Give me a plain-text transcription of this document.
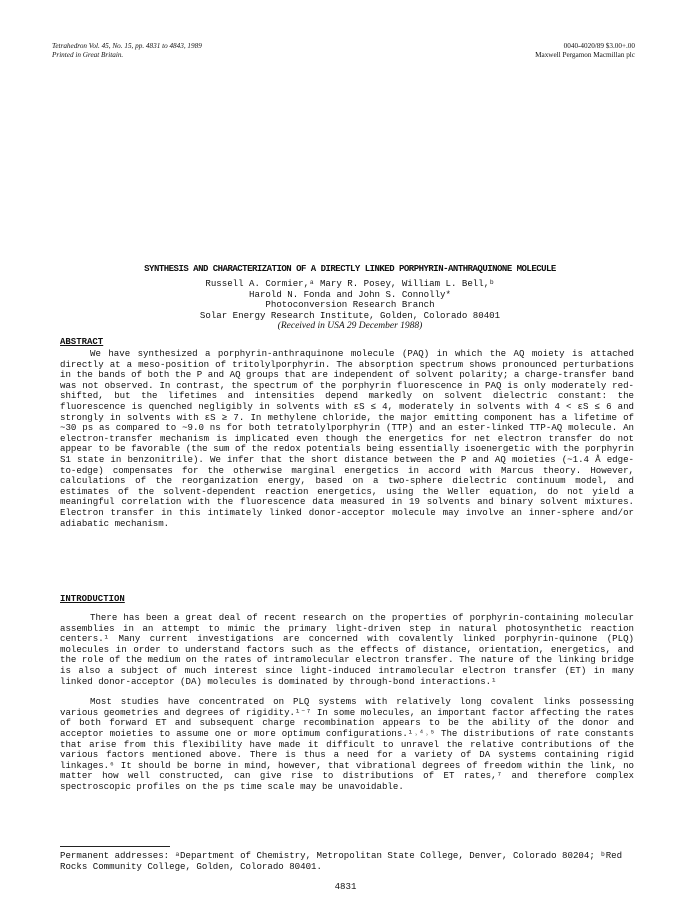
Tetrahedron Vol. 45, No. 15, pp. 4831 to 4843, 1989
Printed in Great Britain.
0040-4020/89 $3.00+.00
Maxwell Pergamon Macmillan plc
SYNTHESIS AND CHARACTERIZATION OF A DIRECTLY LINKED PORPHYRIN-ANTHRAQUINONE MOLECULE
Russell A. Cormier,ᵃ Mary R. Posey, William L. Bell,ᵇ
Harold N. Fonda and John S. Connolly*
Photoconversion Research Branch
Solar Energy Research Institute, Golden, Colorado 80401
(Received in USA 29 December 1988)
ABSTRACT

We have synthesized a porphyrin-anthraquinone molecule (PAQ) in which the AQ moiety is attached directly at a meso-position of tritolylporphyrin. The absorption spectrum shows pronounced perturbations in the bands of both the P and AQ groups that are independent of solvent polarity; a charge-transfer band was not observed. In contrast, the spectrum of the porphyrin fluorescence in PAQ is only moderately red-shifted, but the lifetimes and intensities depend markedly on solvent dielectric constant: the fluorescence is quenched negligibly in solvents with εS ≤ 4, moderately in solvents with 4 < εS ≤ 6 and strongly in solvents with εS ≥ 7. In methylene chloride, the major emitting component has a lifetime of ~30 ps as compared to ~9.0 ns for both tetratolylporphyrin (TTP) and an ester-linked TTP-AQ molecule. An electron-transfer mechanism is implicated even though the energetics for net electron transfer do not appear to be favorable (the sum of the redox potentials being essentially isoenergetic with the porphyrin S1 state in benzonitrile). We infer that the short distance between the P and AQ moieties (~1.4 Å edge-to-edge) compensates for the otherwise marginal energetics in accord with Marcus theory. However, calculations of the reorganization energy, based on a two-sphere dielectric continuum model, and estimates of the solvent-dependent reaction energetics, using the Weller equation, do not yield a meaningful correlation with the fluorescence data measured in 19 solvents and binary solvent mixtures. Electron transfer in this intimately linked donor-acceptor molecule may involve an inner-sphere and/or adiabatic mechanism.

INTRODUCTION

There has been a great deal of recent research on the properties of porphyrin-containing molecular assemblies in an attempt to mimic the primary light-driven step in natural photosynthetic reaction centers.¹ Many current investigations are concerned with covalently linked porphyrin-quinone (PLQ) molecules in order to understand factors such as the effects of distance, orientation, energetics, and the role of the medium on the rates of intramolecular electron transfer. The nature of the linking bridge is also a subject of much interest since light-induced intramolecular electron transfer (ET) in many linked donor-acceptor (DA) molecules is dominated by through-bond interactions.¹

Most studies have concentrated on PLQ systems with relatively long covalent links possessing various geometries and degrees of rigidity.¹⁻⁷ In some molecules, an important factor affecting the rates of both forward ET and subsequent charge recombination appears to be the ability of the donor and acceptor moieties to assume one or more optimum configurations.¹˒⁴˒⁵ The distributions of rate constants that arise from this flexibility have made it difficult to unravel the relative contributions of the various factors mentioned above. There is thus a need for a variety of DA systems containing rigid linkages.⁶ It should be borne in mind, however, that vibrational degrees of freedom within the link, no matter how well constructed, can give rise to distributions of ET rates,⁷ and therefore complex spectroscopic profiles on the ps time scale may be unavoidable.

Permanent addresses: ᵃDepartment of Chemistry, Metropolitan State College, Denver, Colorado 80204; ᵇRed Rocks Community College, Golden, Colorado 80401.
4831
